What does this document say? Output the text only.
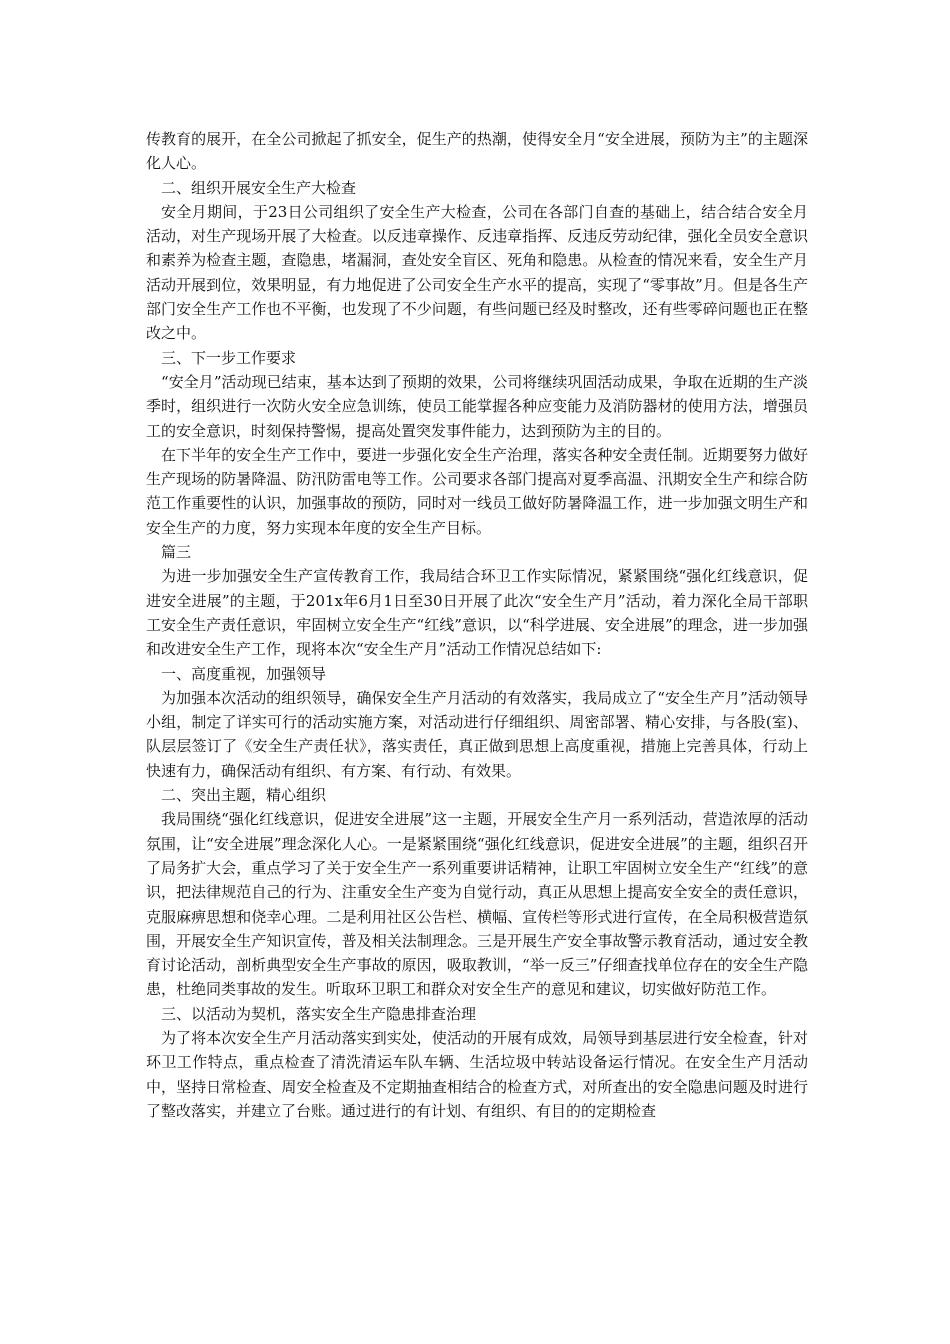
传教育的展开，在全公司掀起了抓安全，促生产的热潮，使得安全月“安全进展，预防为主”的主题深化人心。

二、组织开展安全生产大检查

安全月期间，于23日公司组织了安全生产大检查，公司在各部门自查的基础上，结合结合安全月活动，对生产现场开展了大检查。以反违章操作、反违章指挥、反违反劳动纪律，强化全员安全意识和素养为检查主题，查隐患，堵漏洞，查处安全盲区、死角和隐患。从检查的情况来看，安全生产月活动开展到位，效果明显，有力地促进了公司安全生产水平的提高，实现了“零事故”月。但是各生产部门安全生产工作也不平衡，也发现了不少问题，有些问题已经及时整改，还有些零碎问题也正在整改之中。

三、下一步工作要求

“安全月”活动现已结束，基本达到了预期的效果，公司将继续巩固活动成果，争取在近期的生产淡季时，组织进行一次防火安全应急训练，使员工能掌握各种应变能力及消防器材的使用方法，增强员工的安全意识，时刻保持警惕，提高处置突发事件能力，达到预防为主的目的。

在下半年的安全生产工作中，要进一步强化安全生产治理，落实各种安全责任制。近期要努力做好生产现场的防暑降温、防汛防雷电等工作。公司要求各部门提高对夏季高温、汛期安全生产和综合防范工作重要性的认识，加强事故的预防，同时对一线员工做好防暑降温工作，进一步加强文明生产和安全生产的力度，努力实现本年度的安全生产目标。

篇三

为进一步加强安全生产宣传教育工作，我局结合环卫工作实际情况，紧紧围绕“强化红线意识，促进安全进展”的主题，于201x年6月1日至30日开展了此次“安全生产月”活动，着力深化全局干部职工安全生产责任意识，牢固树立安全生产“红线”意识，以“科学进展、安全进展”的理念，进一步加强和改进安全生产工作，现将本次“安全生产月”活动工作情况总结如下:

一、高度重视，加强领导

为加强本次活动的组织领导，确保安全生产月活动的有效落实，我局成立了“安全生产月”活动领导小组，制定了详实可行的活动实施方案，对活动进行仔细组织、周密部署、精心安排，与各股(室)、队层层签订了《安全生产责任状》，落实责任，真正做到思想上高度重视，措施上完善具体，行动上快速有力，确保活动有组织、有方案、有行动、有效果。

二、突出主题，精心组织

我局围绕“强化红线意识，促进安全进展”这一主题，开展安全生产月一系列活动，营造浓厚的活动氛围，让“安全进展”理念深化人心。一是紧紧围绕“强化红线意识，促进安全进展”的主题，组织召开了局务扩大会，重点学习了关于安全生产一系列重要讲话精神，让职工牢固树立安全生产“红线”的意识，把法律规范自己的行为、注重安全生产变为自觉行动，真正从思想上提高安全安全的责任意识，克服麻痹思想和侥幸心理。二是利用社区公告栏、横幅、宣传栏等形式进行宣传，在全局积极营造氛围，开展安全生产知识宣传，普及相关法制理念。三是开展生产安全事故警示教育活动，通过安全教育讨论活动，剖析典型安全生产事故的原因，吸取教训，“举一反三”仔细查找单位存在的安全生产隐患，杜绝同类事故的发生。听取环卫职工和群众对安全生产的意见和建议，切实做好防范工作。

三、以活动为契机，落实安全生产隐患排查治理

为了将本次安全生产月活动落实到实处，使活动的开展有成效，局领导到基层进行安全检查，针对环卫工作特点，重点检查了清洗清运车队车辆、生活垃圾中转站设备运行情况。在安全生产月活动中，坚持日常检查、周安全检查及不定期抽查相结合的检查方式，对所查出的安全隐患问题及时进行了整改落实，并建立了台账。通过进行的有计划、有组织、有目的的定期检查
